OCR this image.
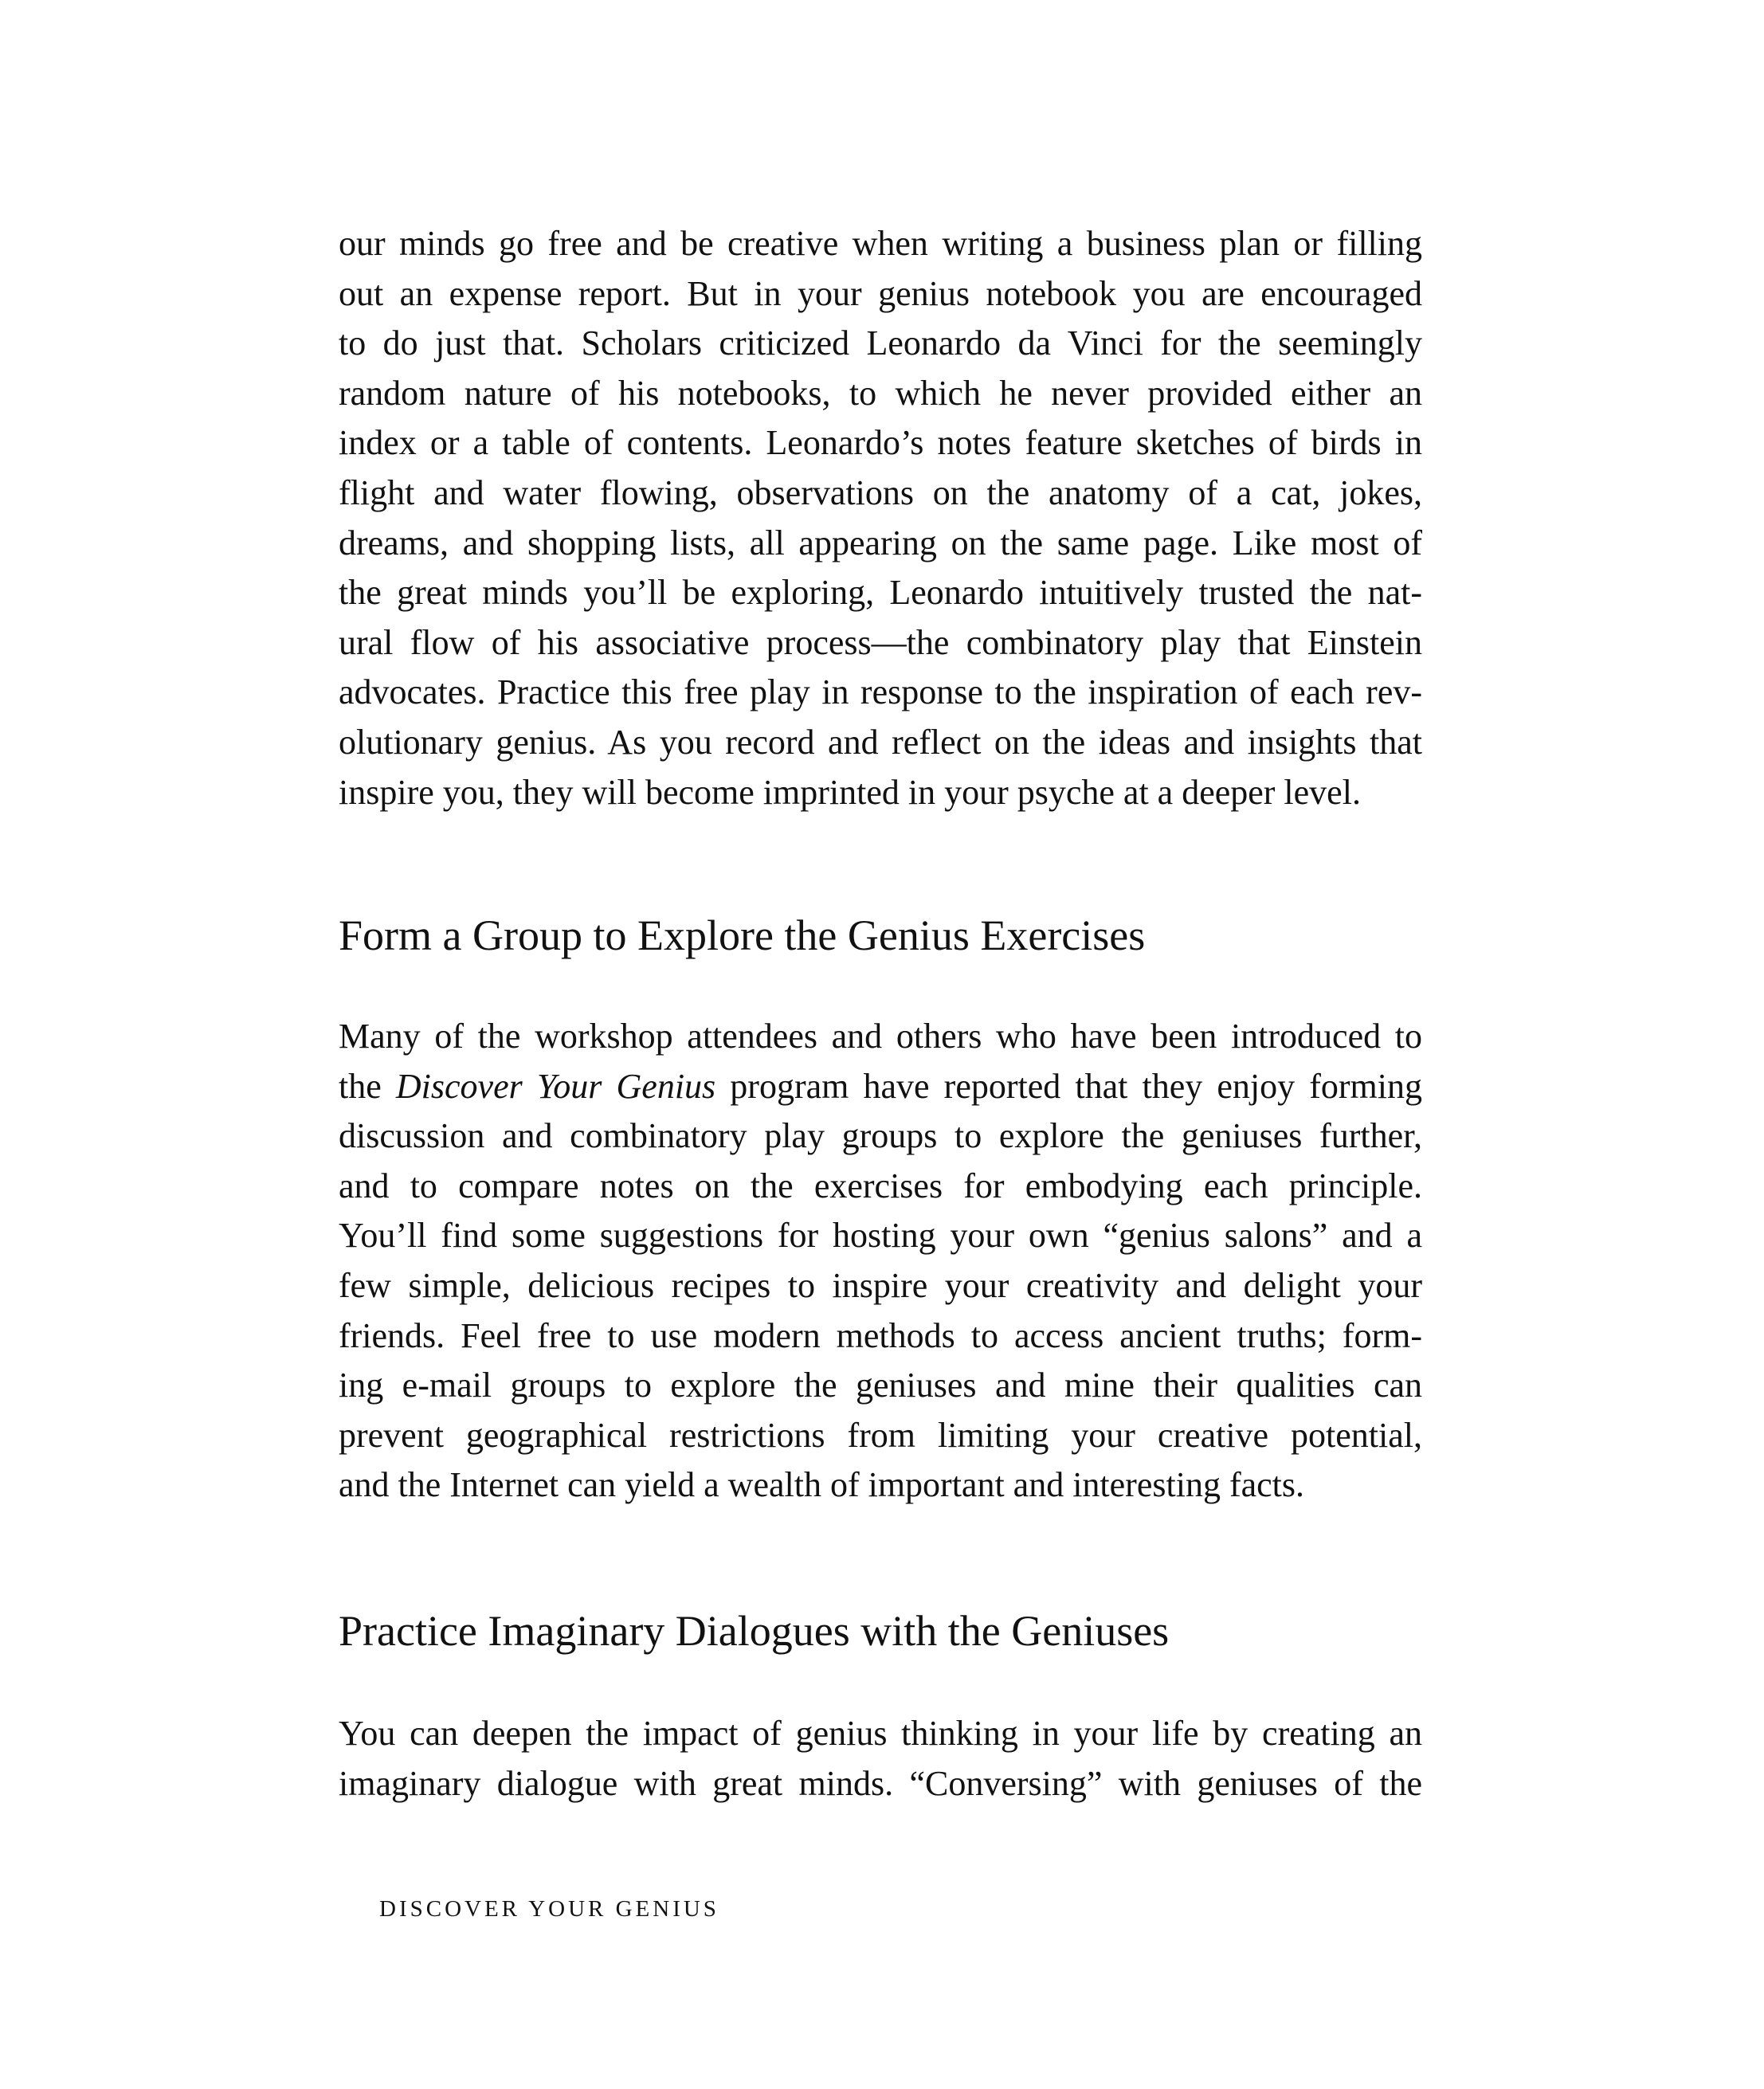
our minds go free and be creative when writing a business plan or filling
out an expense report. But in your genius notebook you are encouraged
to do just that. Scholars criticized Leonardo da Vinci for the seemingly
random nature of his notebooks, to which he never provided either an
index or a table of contents. Leonardo’s notes feature sketches of birds in
flight and water flowing, observations on the anatomy of a cat, jokes,
dreams, and shopping lists, all appearing on the same page. Like most of
the great minds you’ll be exploring, Leonardo intuitively trusted the nat-
ural flow of his associative process—the combinatory play that Einstein
advocates. Practice this free play in response to the inspiration of each rev-
olutionary genius. As you record and reflect on the ideas and insights that
inspire you, they will become imprinted in your psyche at a deeper level.
Form a Group to Explore the Genius Exercises
Many of the workshop attendees and others who have been introduced to
the Discover Your Genius program have reported that they enjoy forming
discussion and combinatory play groups to explore the geniuses further,
and to compare notes on the exercises for embodying each principle.
You’ll find some suggestions for hosting your own “genius salons” and a
few simple, delicious recipes to inspire your creativity and delight your
friends. Feel free to use modern methods to access ancient truths; form-
ing e-mail groups to explore the geniuses and mine their qualities can
prevent geographical restrictions from limiting your creative potential,
and the Internet can yield a wealth of important and interesting facts.
Practice Imaginary Dialogues with the Geniuses
You can deepen the impact of genius thinking in your life by creating an
imaginary dialogue with great minds. “Conversing” with geniuses of the

DISCOVER YOUR GENIUS
